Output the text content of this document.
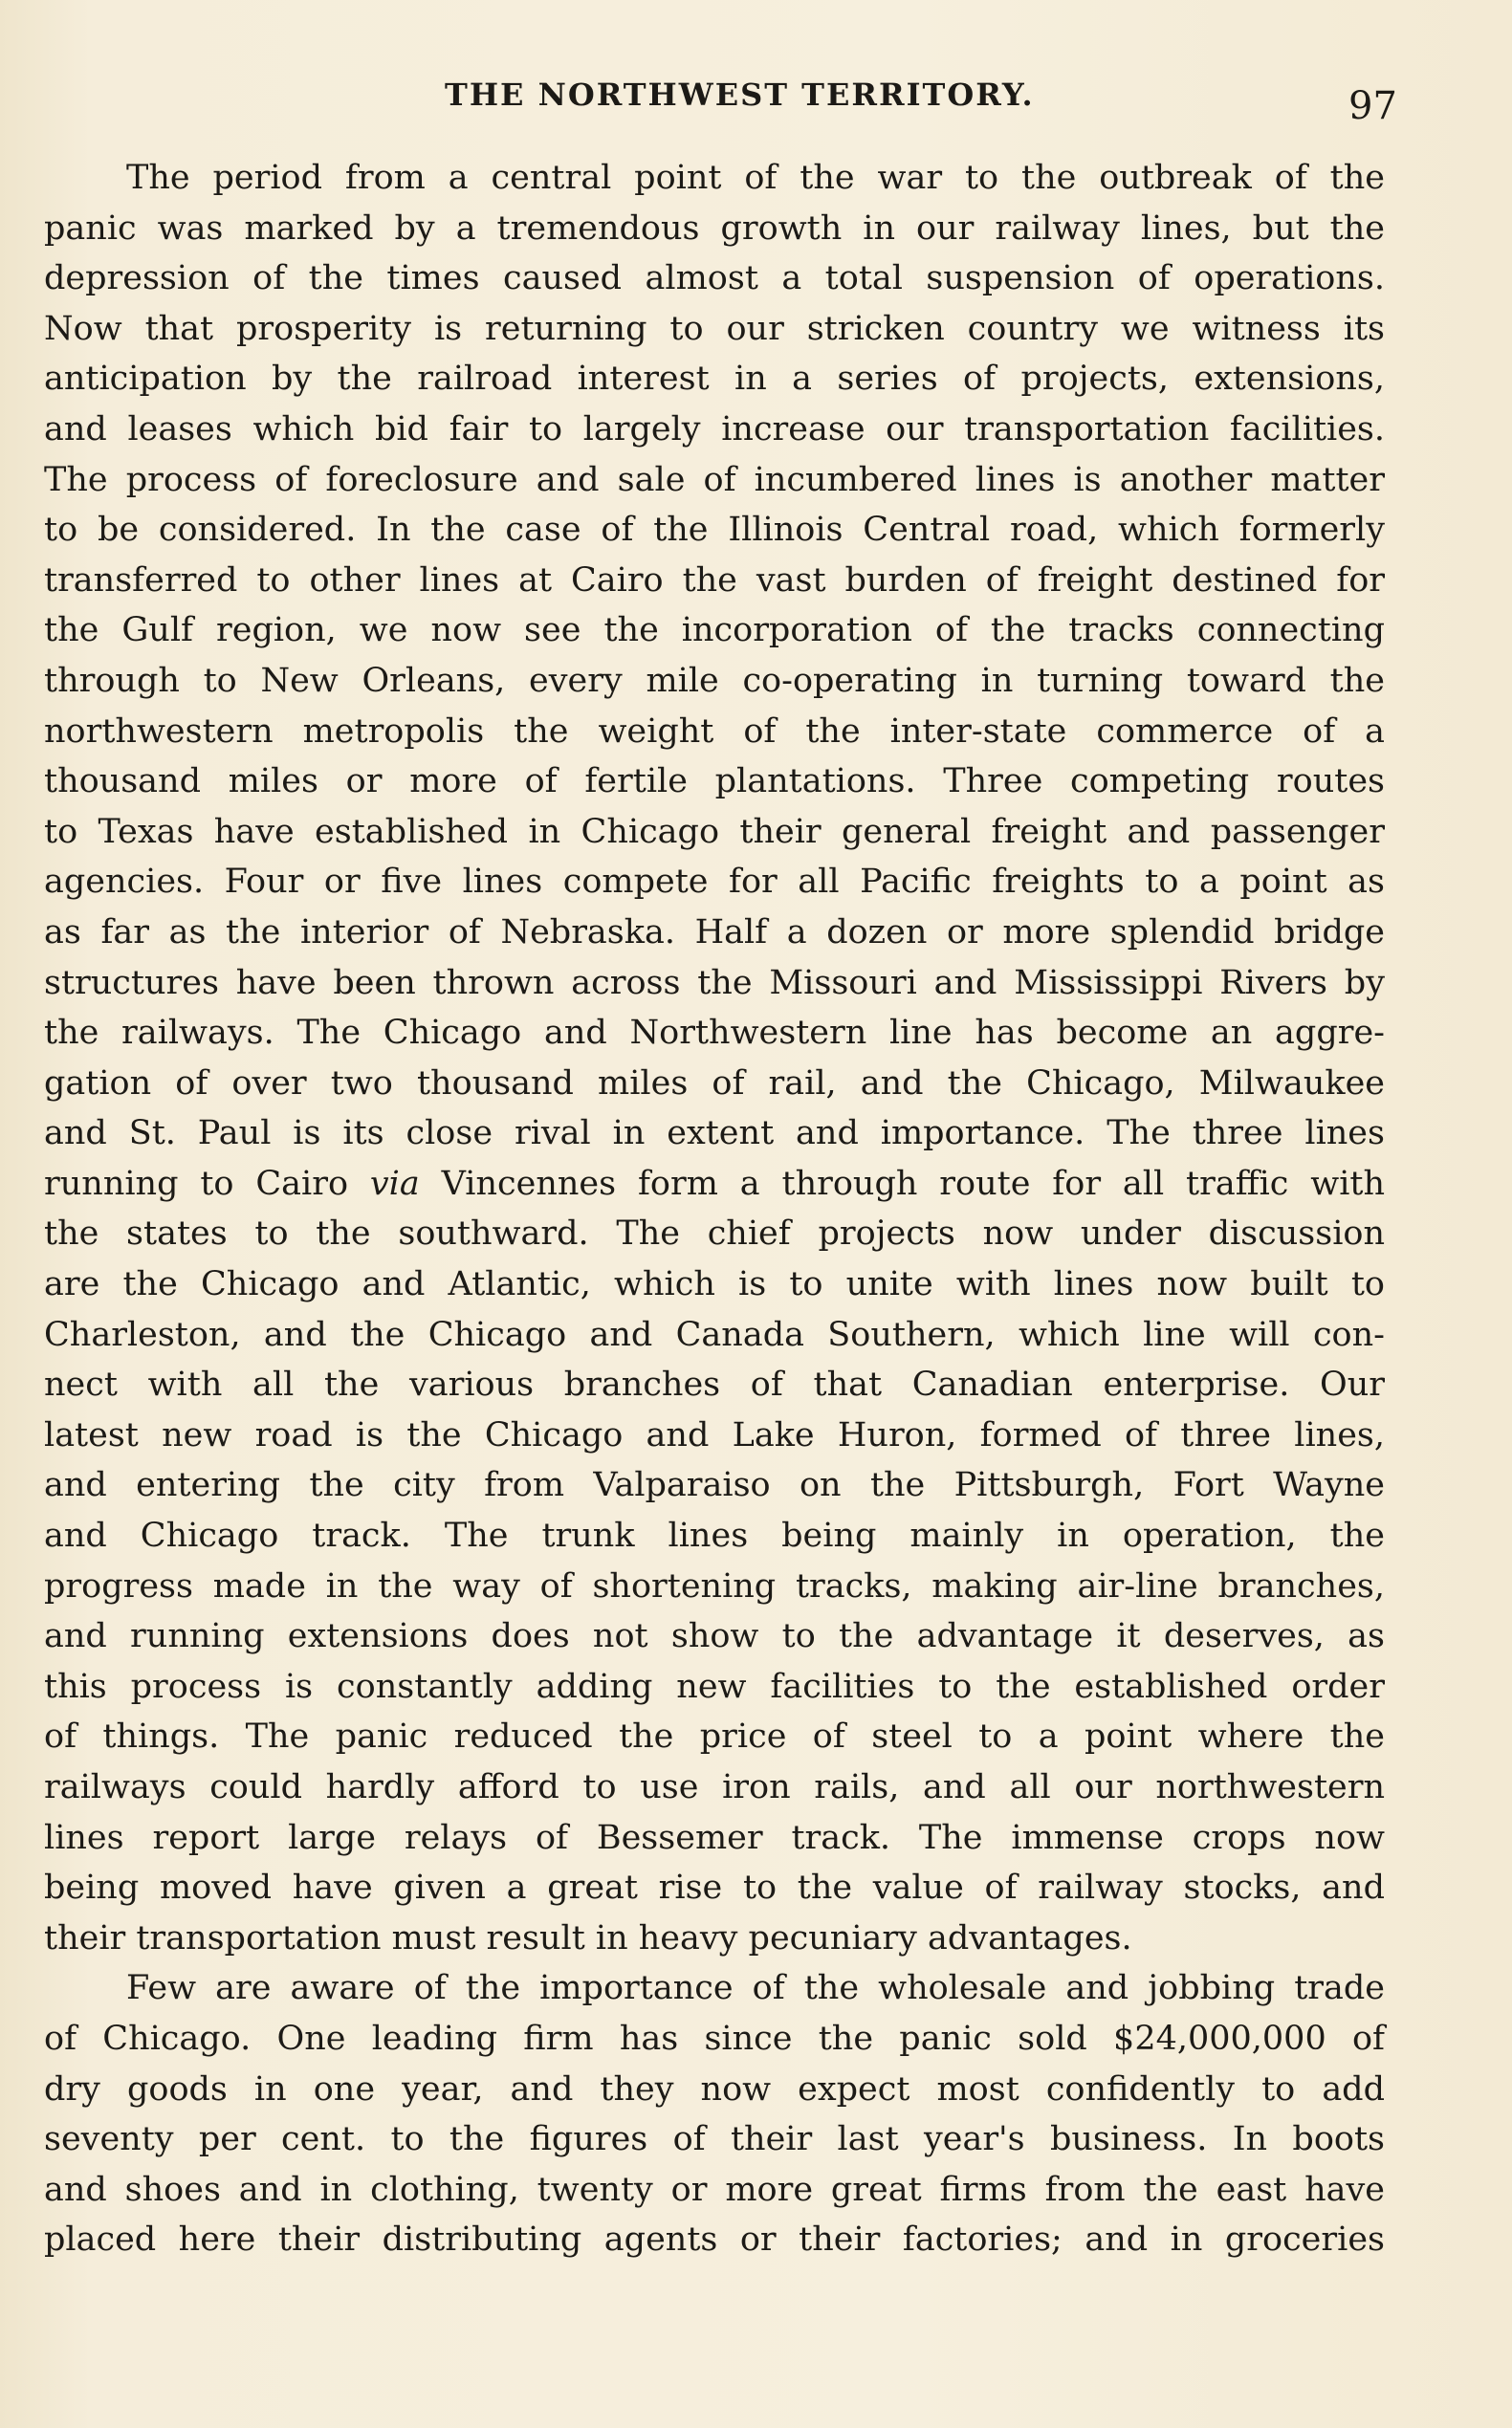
THE NORTHWEST TERRITORY.	97
The period from a central point of the war to the outbreak of the
panic was marked by a tremendous growth in our railway lines, but the
depression of the times caused almost a total suspension of operations.
Now that prosperity is returning to our stricken country we witness its
anticipation by the railroad interest in a series of projects, extensions,
and leases which bid fair to largely increase our transportation facilities.
The process of foreclosure and sale of incumbered lines is another matter
to be considered. In the case of the Illinois Central road, which formerly
transferred to other lines at Cairo the vast burden of freight destined for
the Gulf region, we now see the incorporation of the tracks connecting
through to New Orleans, every mile co-operating in turning toward the
northwestern metropolis the weight of the inter-state commerce of a
thousand miles or more of fertile plantations. Three competing routes
to Texas have established in Chicago their general freight and passenger
agencies. Four or five lines compete for all Pacific freights to a point as
as far as the interior of Nebraska. Half a dozen or more splendid bridge
structures have been thrown across the Missouri and Mississippi Rivers by
the railways. The Chicago and Northwestern line has become an aggre-
gation of over two thousand miles of rail, and the Chicago, Milwaukee
and St. Paul is its close rival in extent and importance. The three lines
running to Cairo via Vincennes form a through route for all traffic with
the states to the southward. The chief projects now under discussion
are the Chicago and Atlantic, which is to unite with lines now built to
Charleston, and the Chicago and Canada Southern, which line will con-
nect with all the various branches of that Canadian enterprise. Our
latest new road is the Chicago and Lake Huron, formed of three lines,
and entering the city from Valparaiso on the Pittsburgh, Fort Wayne
and Chicago track. The trunk lines being mainly in operation, the
progress made in the way of shortening tracks, making air-line branches,
and running extensions does not show to the advantage it deserves, as
this process is constantly adding new facilities to the established order
of things. The panic reduced the price of steel to a point where the
railways could hardly afford to use iron rails, and all our northwestern
lines report large relays of Bessemer track. The immense crops now
being moved have given a great rise to the value of railway stocks, and
their transportation must result in heavy pecuniary advantages.
Few are aware of the importance of the wholesale and jobbing trade
of Chicago. One leading firm has since the panic sold $24,000,000 of
dry goods in one year, and they now expect most confidently to add
seventy per cent. to the figures of their last year's business. In boots
and shoes and in clothing, twenty or more great firms from the east have
placed here their distributing agents or their factories; and in groceries
